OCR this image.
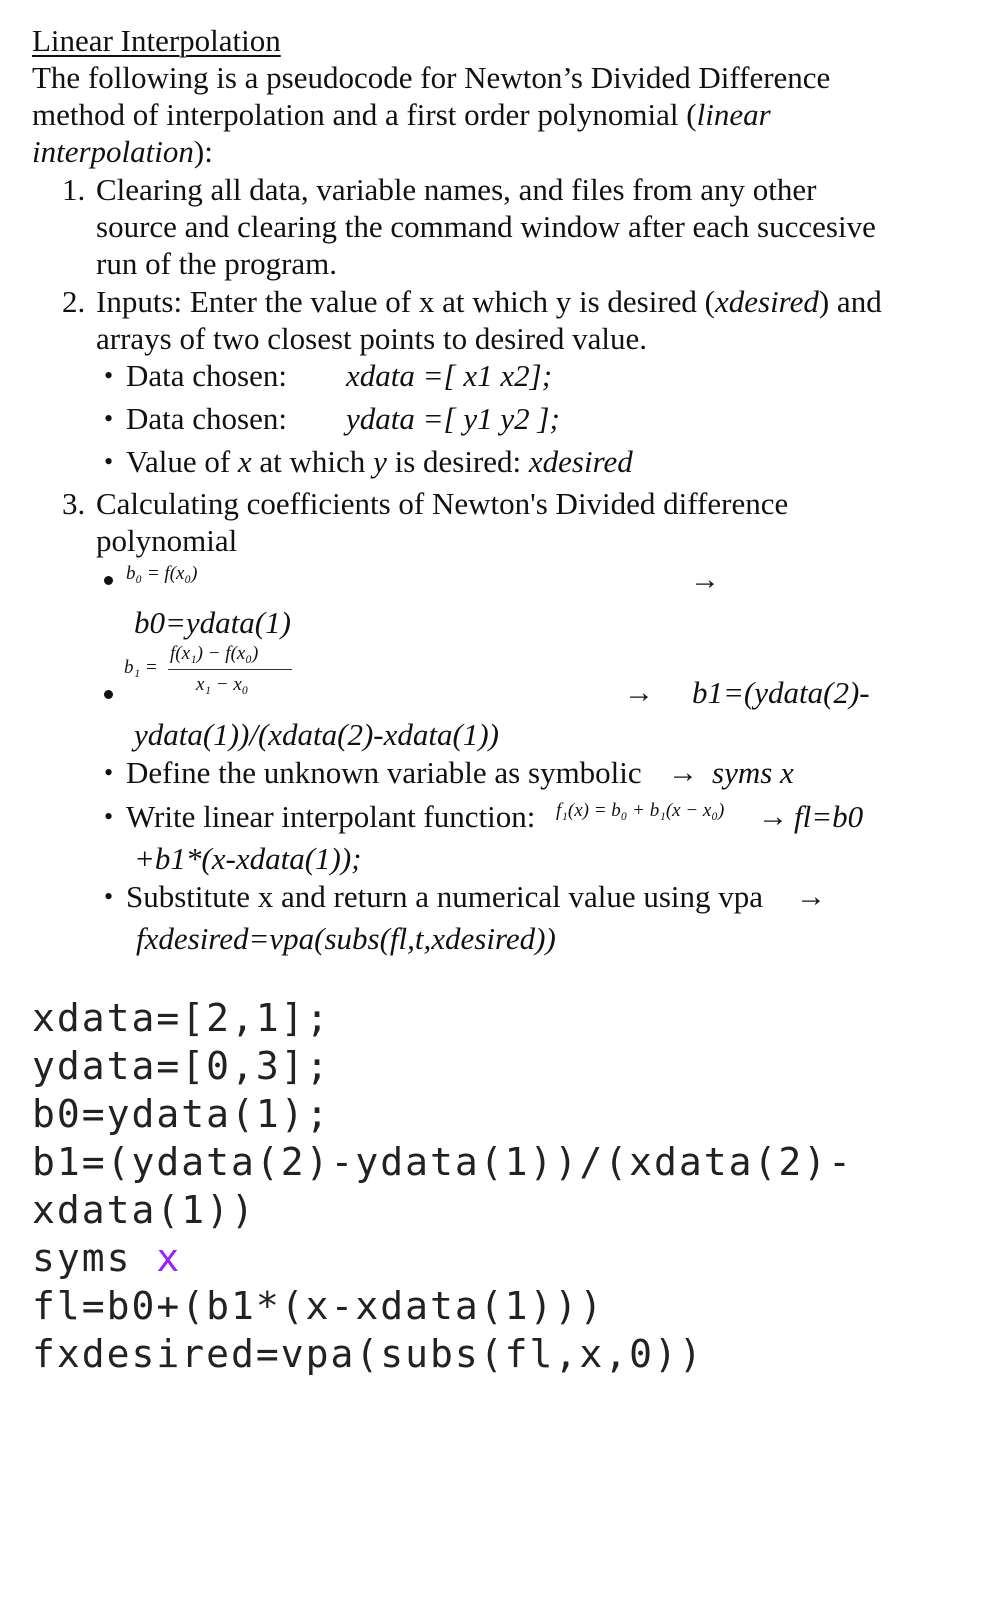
Linear Interpolation
The following is a pseudocode for Newton’s Divided Difference
method of interpolation and a first order polynomial (linear
interpolation):
1. Clearing all data, variable names, and files from any other
source and clearing the command window after each succesive
run of the program.
2. Inputs: Enter the value of x at which y is desired (xdesired) and
arrays of two closest points to desired value.
• Data chosen: xdata =[ x1 x2];
• Data chosen: ydata =[ y1 y2 ];
• Value of x at which y is desired: xdesired
3. Calculating coefficients of Newton's Divided difference
polynomial
b₀ = f(x₀)	→
b0=ydata(1)
b₁ =
f(x₁) − f(x₀)
x₁ − x₀	→ b1=(ydata(2)-
ydata(1))/(xdata(2)-xdata(1))
• Define the unknown variable as symbolic → syms x
• Write linear interpolant function: f₁(x) = b₀ + b₁(x − x₀) → fl=b0
+b1*(x-xdata(1));
• Substitute x and return a numerical value using vpa →
fxdesired=vpa(subs(fl,t,xdesired))
xdata=[2,1];
ydata=[0,3];
b0=ydata(1);
b1=(ydata(2)-ydata(1))/(xdata(2)-
xdata(1))
syms x
fl=b0+(b1*(x-xdata(1)))
fxdesired=vpa(subs(fl,x,0))
